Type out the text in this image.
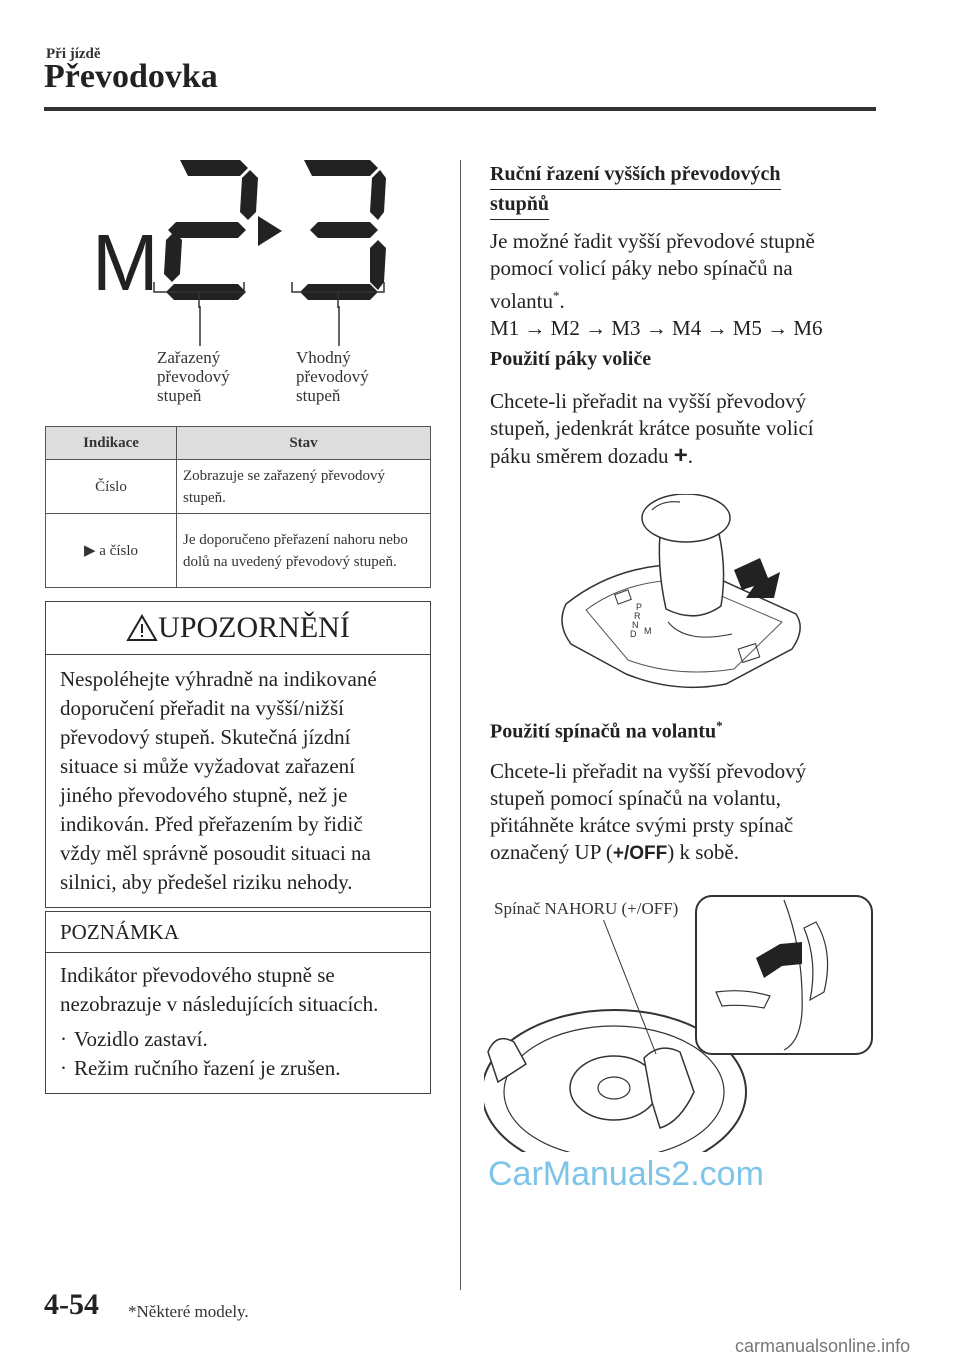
Při jízdě
Převodovka
M
Zařazený
převodový
stupeň
Vhodný
převodový
stupeň
Indikace	Stav
Číslo	Zobrazuje se zařazený převodový stupeň.
▶ a číslo	Je doporučeno přeřazení nahoru nebo dolů na uvedený převodový stupeň.
UPOZORNĚNÍ
Nespoléhejte výhradně na indikované
doporučení přeřadit na vyšší/nižší
převodový stupeň. Skutečná jízdní
situace si může vyžadovat zařazení
jiného převodového stupně, než je
indikován. Před přeřazením by řidič
vždy měl správně posoudit situaci na
silnici, aby předešel riziku nehody.
POZNÁMKA
Indikátor převodového stupně se
nezobrazuje v následujících situacích.
· Vozidlo zastaví.
· Režim ručního řazení je zrušen.
Ruční řazení vyšších převodových
stupňů
Je možné řadit vyšší převodové stupně
pomocí volicí páky nebo spínačů na
volantu*.
M1 → M2 → M3 → M4 → M5 → M6
Použití páky voliče
Chcete-li přeřadit na vyšší převodový
stupeň, jedenkrát krátce posuňte volicí
páku směrem dozadu +.
P
R
N
D M
Použití spínačů na volantu*
Chcete-li přeřadit na vyšší převodový
stupeň pomocí spínačů na volantu,
přitáhněte krátce svými prsty spínač
označený UP (+/OFF) k sobě.
Spínač NAHORU (+/OFF)
CarManuals2.com
carmanualsonline.info
4-54 *Některé modely.
